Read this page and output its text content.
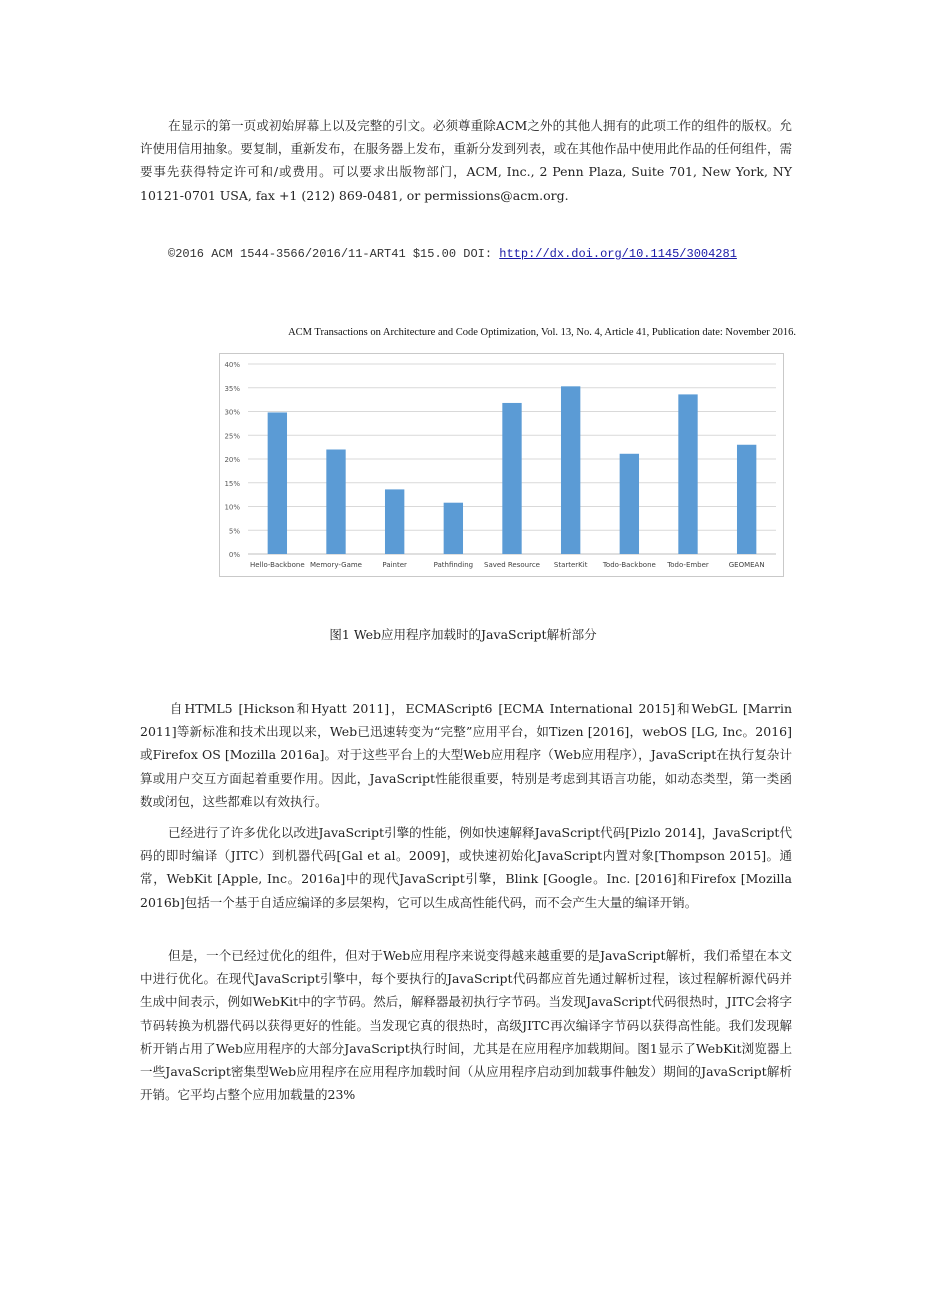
在显示的第一页或初始屏幕上以及完整的引文。必须尊重除ACM之外的其他人拥有的此项工作的组件的版权。允许使用信用抽象。要复制，重新发布，在服务器上发布，重新分发到列表，或在其他作品中使用此作品的任何组件，需要事先获得特定许可和/或费用。可以要求出版物部门，ACM, Inc., 2 Penn Plaza, Suite 701, New York, NY 10121-0701 USA, fax +1 (212) 869-0481, or permissions@acm.org.
©2016 ACM 1544-3566/2016/11-ART41 $15.00 DOI: http://dx.doi.org/10.1145/3004281
ACM Transactions on Architecture and Code Optimization, Vol. 13, No. 4, Article 41, Publication date: November 2016.
0%
5%
10%
15%
20%
25%
30%
35%
40%
Hello-Backbone Memory-Game	Painter	Pathfinding Saved Resource StarterKit Todo-Backbone Todo-Ember	GEOMEAN
图1 Web应用程序加载时的JavaScript解析部分
自HTML5 [Hickson和Hyatt 2011]，ECMAScript6 [ECMA International 2015]和WebGL [Marrin 2011]等新标准和技术出现以来，Web已迅速转变为“完整”应用平台，如Tizen [2016]，webOS [LG, Inc。2016]或Firefox OS [Mozilla 2016a]。对于这些平台上的大型Web应用程序（Web应用程序），JavaScript在执行复杂计算或用户交互方面起着重要作用。因此，JavaScript性能很重要，特别是考虑到其语言功能，如动态类型，第一类函数或闭包，这些都难以有效执行。
已经进行了许多优化以改进JavaScript引擎的性能，例如快速解释JavaScript代码[Pizlo 2014]，JavaScript代码的即时编译（JITC）到机器代码[Gal et al。2009]，或快速初始化JavaScript内置对象[Thompson 2015]。通常，WebKit [Apple, Inc。2016a]中的现代JavaScript引擎，Blink [Google。Inc. [2016]和Firefox [Mozilla 2016b]包括一个基于自适应编译的多层架构，它可以生成高性能代码，而不会产生大量的编译开销。
但是，一个已经过优化的组件，但对于Web应用程序来说变得越来越重要的是JavaScript解析，我们希望在本文中进行优化。在现代JavaScript引擎中，每个要执行的JavaScript代码都应首先通过解析过程，该过程解析源代码并生成中间表示，例如WebKit中的字节码。然后，解释器最初执行字节码。当发现JavaScript代码很热时，JITC会将字节码转换为机器代码以获得更好的性能。当发现它真的很热时，高级JITC再次编译字节码以获得高性能。我们发现解析开销占用了Web应用程序的大部分JavaScript执行时间，尤其是在应用程序加载期间。图1显示了WebKit浏览器上一些JavaScript密集型Web应用程序在应用程序加载时间（从应用程序启动到加载事件触发）期间的JavaScript解析开销。它平均占整个应用加载量的23%
